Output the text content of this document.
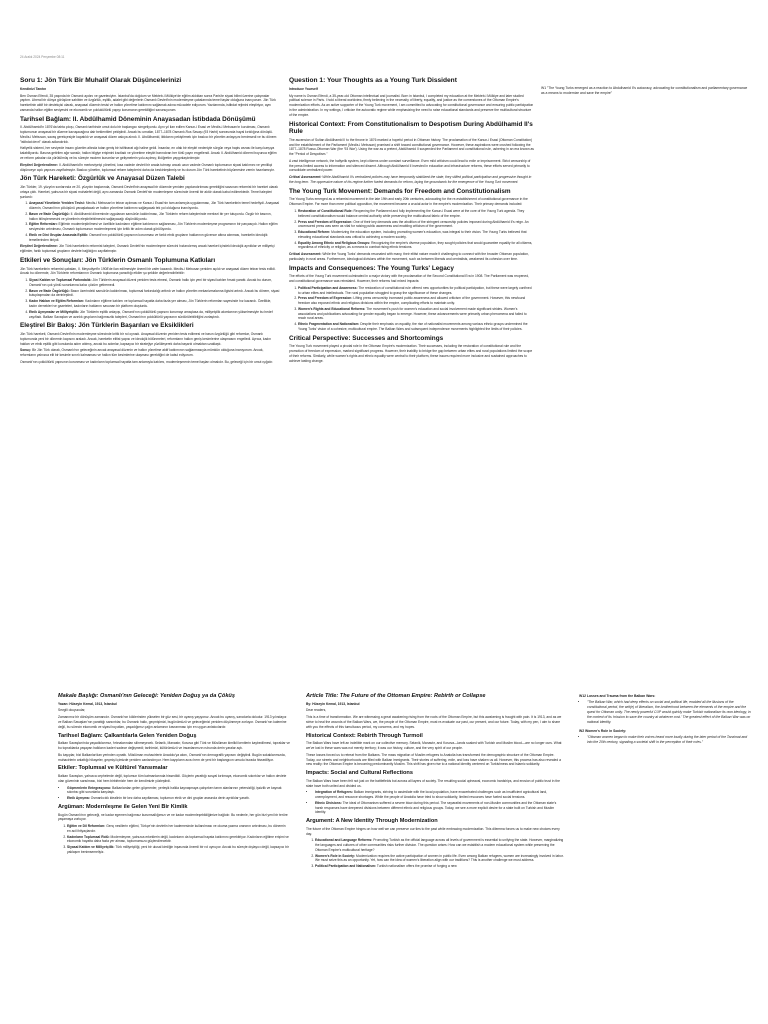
24 Aralık 2024 Perşembe 08:11
Soru 1: Jön Türk Bir Muhalif Olarak Düşüncelerinizi

Kendinizi Tanıtın

Ben Osman Efendi, 35 yaşında bir Osmanlı aydını ve gazeteciyim. İstanbul'da doğdum ve Mekteb-i Mülkiye'de eğitim aldıktan sonra Paris'te siyasi bilimi üzerine çalışmalar yaptım. Liberal bir dünya görüşüne sahibim ve özgürlük, eşitlik, adalet gibi değerlerin Osmanlı Devleti'nin modernleşme çabalarında temel taşlar olduğuna inanıyorum. Jön Türk hareketinin aktif bir destekçisi olarak, anayasal düzenin tesisi ve halkın yönetime katılımını sağlamak adına mücadele ediyorum. Yazılarımda, istibdat rejimini eleştiriyor, aynı zamanda halkın eğitim seviyesini ve ekonomik ve çoklukültürlü yapıyı korumanın gerekliliğini savunuyorum.

Tarihsel Bağlam: II. Abdülhamid Döneminin Anayasadan İstibdada Dönüşümü

II. Abdülhamid'in 1876'da tahta çıkışı, Osmanlı tarihinde umut dolu bir başlangıcı simgeliyordu. Aynı yıl ilan edilen Kanun-i Esasi ve Meclis-i Mebusan'ın kurulması, Osmanlı toplumunun anayasal bir düzene kavuşacağına dair beklentileri pekiştirdi. Ancak bu umutlar, 1877–1878 Osmanlı-Rus Savaşı (93 Harbi) sonrasında hayal kırıklığına dönüştü. Meclis-i Mebusan, savaş gerekçesiyle kapatıldı ve anayasal düzen askıya alındı. II. Abdülhamid, iktidarını pekiştirmek için baskıcı bir yönetim anlayışını benimsedi ve bu dönem "istibdat devri" olarak adlandırıldı.

Hafiyelik sistemi, her seviyede insanı gözetim altında tutan geniş bir istihbarat ağı haline geldi. İnsanlar, en ufak bir eleştiri nedeniyle sürgün veya hapis cezası ile karşı karşıya kalabiliyordu. Basına getirilen ağır sansür, halkın bilgiye erişimini kısıtladı ve yönetime eleştiri barındıran her türlü yayın engellendi. Ancak II. Abdülhamid dönemi boyunca eğitim ve reform çabaları da yürütülmüş ve bu süreçte modern kurumlar ve gelişmelerin yolu açılmış; ilköğretim yaygınlaştırılmıştır.

Eleştirel Değerlendirme: II. Abdülhamid'in merkeziyetçi yönetimi, kısa vadede devleti bir arada tutmayı ancak uzun vadede Osmanlı toplumunun siyasi katılımını ve yenilikçi düşünceye açık yapısını zayıflatmıştır. Baskıcı yönetim, toplumsal reform taleplerini daha da keskinleştirmiş ve bu durum Jön Türk hareketinin büyümesine zemin hazırlamıştır.

Jön Türk Hareketi: Özgürlük ve Anayasal Düzen Talebi

Jön Türkler, 19. yüzyılın sonlarında ve 20. yüzyılın başlarında, Osmanlı Devleti'nin anayasal bir düzende yeniden yapılandırılması gerektiğini savunan reformist bir hareket olarak ortaya çıktı. Hareket, yalnızca bir siyasi muhalefet değil, aynı zamanda Osmanlı Devleti'nin modernleşme sürecinde önemli bir aktör olarak kabul edilmektedir. Temel talepleri şunlardı:

1. Anayasal Yönetimin Yeniden Tesisi: Meclis-i Mebusan'ın tekrar açılması ve Kanun-i Esasi'nin tam anlamıyla uygulanması, Jön Türk hareketinin temel hedefiydi. Anayasal düzenin, Osmanlı'nın çöküşünü yavaşlatacak ve halkın yönetime katılımını sağlayacak tek yol olduğuna inanılıyordu.
2. Basın ve İfade Özgürlüğü: II. Abdülhamid döneminde uygulanan sansürün kaldırılması, Jön Türklerin reform taleplerinde merkezi bir yer tutuyordu. Özgür bir basının, halkın bilinçlenmesini ve yönetimin eleştirilebilmesini sağlayacağı düşünülüyordu.
3. Eğitim Reformları: Eğitimin modernleştirilmesi ve özellikle kadınların eğitime katılımının sağlanması, Jön Türklerin modernleşme programının bir parçasıydı. Halkın eğitim seviyesinin artırılması, Osmanlı toplumunun modernleşmesi için kritik bir adım olarak görülüyordu.
4. Etnik ve Dini Gruplar Arasında Eşitlik: Osmanlı'nın çokkültürlü yapısının korunması ve farklı etnik grupların haklarının güvence altına alınması, hareketin ideolojik temellerinden biriydi.

Eleştirel Değerlendirme: Jön Türk hareketinin reformist talepleri, Osmanlı Devleti'nin modernleşme sürecini hızlandırmış ancak hareket içindeki ideolojik ayrılıklar ve milliyetçi eğilimler, farklı toplumsal grupların devlete bağlılığını zayıflatmıştır.

Etkileri ve Sonuçları: Jön Türklerin Osmanlı Toplumuna Katkıları

Jön Türk hareketinin reformist çabaları, II. Meşrutiyet'in 1908'de ilan edilmesiyle önemli bir zafer kazandı. Meclis-i Mebusan yeniden açıldı ve anayasal düzen tekrar tesis edildi. Ancak bu dönemde, Jön Türklerin reformlarının Osmanlı toplumuna yansıttığı etkiler şu şekilde değerlendirilebilir:

1. Siyasi Katılım ve Toplumsal Farkındalık: Jön Türklerin anayasal düzeni yeniden tesis etmesi, Osmanlı halkı için yeni bir siyasi katılım fırsatı yarattı. Ancak bu durum, Osmanlı'nın çok yönlü sorunlarına kalıcı çözüm getiremedi.
2. Basın ve İfade Özgürlüğü: Basın üzerindeki sansürün kaldırılması, toplumsal farkındalığı arttırdı ve halkın yönetim mekanizmalarına ilgisini artırdı. Ancak bu dönem, siyasi kutuplaşmaları da derinleştirdi.
3. Kadın Hakları ve Eğitim Reformları: Kadınların eğitime katılımı ve toplumsal hayatta daha fazla yer alması, Jön Türklerin reformları sayesinde hız kazandı. Özellikle, kadın dernekleri ve gazeteleri, kadınların haklarını savunan bir platform oluşturdu.
4. Etnik Ayrışmalar ve Milliyetçilik: Jön Türklerin eşitlik anlayışı, Osmanlı'nın çokkültürlü yapısını korumayı amaçlasa da, milliyetçilik akımlarının yükselmesiyle bu hedef zayıfladı. Balkan Savaşları ve azınlık grupların bağımsızlık talepleri, Osmanlı'nın çokkültürlü yapısının sürdürülebilirliğini zorlaştırdı.
Eleştirel Bir Bakış: Jön Türklerin Başarıları ve Eksiklikleri

Jön Türk hareketi, Osmanlı Devleti'nin modernleşme sürecinde kritik bir rol oynadı. Anayasal düzenin yeniden tesis edilmesi ve basın özgürlüğü gibi reformlar, Osmanlı toplumunda yeni bir dönemin kapısını araladı. Ancak, hareketin elitist yapısı ve ideolojik bölünmeleri, reformların halkın geniş kesimlerine ulaşmasını engelledi. Ayrıca, kadın hakları ve etnik eşitlik gibi konularda adım atılmış, ancak bu adımlar, kapsayıcı bir stratejiye yüzlüleşerek daha başarılı olmaktan uzaklaştı.

Sonuç: Bir Jön Türk olarak, Osmanlı'nın geleceğinin ancak anayasal düzenin ve halkın yönetime aktif katılımının sağlanmasıyla mümkün olduğuna inanıyorum. Ancak, reformların yalnızca elit bir kesimle sınırlı kalmaması ve halkın tüm kesimlerine ulaşması gerektiğini de kabul ediyorum.

Osmanlı'nın çokkültürlü yapısının korunması ve kadınların toplumsal hayatta tam anlamıyla katılımı, modernleşmenin temel taşları olmalıdır. Bu, geleceği için bir umut ışığıdır.

Question 1: Your Thoughts as a Young Turk Dissident

Introduce Yourself

My name is Osman Efendi, a 35-year-old Ottoman intellectual and journalist. Born in Istanbul, I completed my education at the Mekteb-i Mülkiye and later studied political science in Paris. I hold a liberal worldview, firmly believing in the necessity of liberty, equality, and justice as the cornerstones of the Ottoman Empire's modernization efforts. As an active supporter of the Young Turk movement, I am committed to advocating for constitutional governance and ensuring public participation in the administration. In my writings, I criticize the autocratic regime while emphasizing the need to raise educational standards and preserve the multicultural structure of the empire.

Historical Context: From Constitutionalism to Despotism During Abdülhamid II's Rule

The ascension of Sultan Abdülhamid II to the throne in 1876 marked a hopeful period in Ottoman history. The proclamation of the Kanun-i Esasi (Ottoman Constitution) and the establishment of the Parliament (Meclis-i Mebusan) promised a shift toward constitutional governance. However, these aspirations were crushed following the 1877–1878 Russo-Ottoman War (the '93 War'). Using the war as a pretext, Abdülhamid II suspended the Parliament and constitutional rule, ushering in an era known as the "Period of Despotism."

A vast intelligence network, the hafiyelik system, kept citizens under constant surveillance. Even mild criticism could lead to exile or imprisonment. Strict censorship of the press limited access to information and silenced dissent. Although Abdülhamid II invested in education and infrastructure reforms, these efforts served primarily to consolidate centralized power.

Critical Assessment: While Abdülhamid II's centralized policies may have temporarily stabilized the state, they stifled political participation and progressive thought in the long term. The oppressive nature of his regime further fueled demands for reform, laying the groundwork for the emergence of the Young Turk movement.

The Young Turk Movement: Demands for Freedom and Constitutionalism

The Young Turks emerged as a reformist movement in the late 19th and early 20th centuries, advocating for the re-establishment of constitutional governance in the Ottoman Empire. Far more than mere political opposition, the movement became a crucial actor in the empire's modernization. Their primary demands included:

1. Restoration of Constitutional Rule: Reopening the Parliament and fully implementing the Kanun-i Esasi were at the core of the Young Turk agenda. They believed constitutionalism would balance central authority while preserving the multicultural fabric of the empire.
2. Press and Freedom of Expression: One of their key demands was the abolition of the stringent censorship policies imposed during Abdülhamid II's reign. An uncensored press was seen as vital for raising public awareness and enabling criticism of the government.
3. Educational Reform: Modernizing the education system, including promoting women's education, was integral to their vision. The Young Turks believed that elevating educational standards was critical to achieving a modern society.
4. Equality Among Ethnic and Religious Groups: Recognizing the empire's diverse population, they sought policies that would guarantee equality for all citizens, regardless of ethnicity or religion, as a means to combat rising ethnic tensions.

Critical Assessment: While the Young Turks' demands resonated with many, their elitist nature made it challenging to connect with the broader Ottoman population, particularly in rural areas. Furthermore, ideological divisions within the movement, such as between liberals and centralists, weakened its cohesion over time.

Impacts and Consequences: The Young Turks' Legacy

The efforts of the Young Turk movement culminated in a major victory with the proclamation of the Second Constitutional Era in 1908. The Parliament was reopened, and constitutional governance was reinstated. However, their reforms had mixed impacts:

1. Political Participation and Awareness: The restoration of constitutional rule offered new opportunities for political participation, but these were largely confined to urban elites and intellectuals. The rural population struggled to grasp the significance of these changes.
2. Press and Freedom of Expression: Lifting press censorship increased public awareness and allowed criticism of the government. However, this newfound freedom also exposed ethnic and religious divisions within the empire, complicating efforts to maintain unity.
3. Women's Rights and Educational Reforms: The movement's push for women's education and social involvement made significant strides. Women's associations and publications advocating for gender equality began to emerge. However, these advancements were primarily urban phenomena and failed to reach rural areas.
4. Ethnic Fragmentation and Nationalism: Despite their emphasis on equality, the rise of nationalist movements among various ethnic groups undermined the Young Turks' vision of a cohesive, multicultural empire. The Balkan Wars and subsequent independence movements highlighted the limits of their policies.
Critical Perspective: Successes and Shortcomings

The Young Turk movement played a pivotal role in the Ottoman Empire's modernization. Their successes, including the restoration of constitutional rule and the promotion of freedom of expression, marked significant progress. However, their inability to bridge the gap between urban elites and rural populations limited the scope of their reforms. Similarly, while women's rights and ethnic equality were central to their platform, these issues required more inclusive and sustained approaches to achieve lasting change.

W1 "The Young Turks emerged as a reaction to Abdulhamid II's autocracy, advocating for constitutionalism and parliamentary governance as a means to modernize and save the empire"
Makale Başlığı: Osmanlı'nın Geleceği: Yeniden Doğuş ya da Çöküş

Yazan: Hüseyin Kemal, 1913, İstanbul

Sevgili okuyucular,

Zamanımız bir dönüşüm zamanıdır. Osmanlı'nın köklerinden yükselen bir güz sesi, bir uyanış yaşıyoruz. Ancak bu uyanış, sancılarla doludur. 1913 yılındayız ve Balkan Savaşları'nın yarattığı sarsıntılar, bu Osmanlı halkı, geçmişimizi, bugünümüzü ve geleceğimizi yeniden düşünmeye zorluyor. Osmanlı'nın kalemine değil, bu sürecin ekonomik ve siyasi boyutları, yaşadığımız çağın anlamının kavranması için en uygun anlatıcılardır.

Tarihsel Bağlam: Çalkantılarla Gelen Yeniden Doğuş

Balkan Savaşları'nda yaşadıklarımız, fırtınalarından silinmeyecek. Selanik, Manastır, Kosova gibi Türk ve Müslüman kimlikli kentlerin kaybedilmesi, topraklar ve bu topraklarda yaşayan halkların kaderi sadece değişmedi; tarihimizi, kültürümüzü ve insanlarımızın ruhunda derin yaralar açtı.

Bu kayıplar, bizi Balkanlar'dan yerinden oynattı. Müslüman muhacirlerin Anadolu'ya akını, Osmanlı'nın demografik yapısını değiştirdi. Bugün sokaklarımızda, muhacirlerin anlattığı hikayeler, geçmişi içimizde yeniden canlandırıyor. Hem kayıpların acısı hem de yeni bir başlangıcın umudu burada hissediliyor.

Etkiler: Toplumsal ve Kültürel Yansımalar

Balkan Savaşları, yalnızca cephelerde değil, toplumun tüm katmanlarında hissedildi. Göçlerin yarattığı sosyal kırılmaya, ekonomik sıkıntılar ve halkın devlete olan güveninin sarsılması, bizi hem birbirimizle hem de kendimizle yüzleştirdi.

• Göçmenlerin Entegrasyonu: Balkanlardan gelen göçmenler, yerleşik halkla kaynaşmaya çalışırken tarım alanlarının yetersizliği, işsizlik ve kaynak sıkıntısı gibi sorunlarla karşılaştı.
• Etnik Ayrışma: Osmanlıcılık idealinin bir kez daha zayıflaması, toplumun etnik ve dini gruplar arasında derin ayrılıklar yarattı.
Argüman: Modernleşme ile Gelen Yeni Bir Kimlik

Bugün Osmanlı'nın geleceği, ne kadar egemen bağımsız kurumsallığımızı ve ne kadar modernleşebildiğimize bağlıdır. Bu nedenle, her gün bizi yeni bir teröre yaşamaya zorluyor.

1. Eğitim ve Dil Reformları: Genç nesillerin eğitimi, Türkçe'nin devletin her kademesinde kullanılması ve okuma yazma oranının artırılması, bu dönemin en acil ihtiyaçlarıdır.
2. Kadınların Toplumsal Rolü: Modernleşme, yalnızca erkeklerin değil, kadınların da toplumsal hayata katılımını gerektiriyor. Kadınların eğitime erişimi ve ekonomik hayatta daha fazla yer alması, toplumumuzu güçlendirecektir.
3. Siyasal Katılım ve Milliyetçilik: Türk milliyetçiliği, yeni bir ulusal kimliğin inşasında önemli bir rol oynuyor. Ancak bu süreçte dışlayıcı değil, kapsayıcı bir yaklaşım benimsemeliyiz.
Article Title: The Future of the Ottoman Empire: Rebirth or Collapse

By: Hüseyin Kemal, 1913, Istanbul

Dear readers,

This is a time of transformation. We are witnessing a great awakening rising from the roots of the Ottoman Empire, but this awakening is fraught with pain. It is 1913, and as we strive to heal the wounds of the Balkan Wars, we, the people of the Ottoman Empire, must re-evaluate our past, our present, and our future. Today, with my pen, I aim to share with you the effects of this tumultuous period, my concerns, and my hopes.

Historical Context: Rebirth Through Turmoil

The Balkan Wars have left an indelible mark on our collective memory. Selanik, Manastır, and Kosova—lands soaked with Turkish and Muslim blood—are no longer ours. What we've lost in these wars was not merely territory; it was our history, culture, and the very spirit of our people.

These losses forced us to retreat from the Balkans. The mass migration of Muslim refugees to Anatolia has transformed the demographic structure of the Ottoman Empire. Today, our streets and neighborhoods are filled with Balkan immigrants. Their stories of suffering, exile, and loss have shaken us all. However, this process has also revealed a new reality: the Ottoman Empire is becoming predominantly Muslim. This shift has given rise to a national identity centered on Turkishness and Islamic solidarity.

Impacts: Social and Cultural Reflections

The Balkan Wars have been felt not just on the battlefields but across all layers of society. The resulting social upheaval, economic hardships, and erosion of public trust in the state have both united and divided us.

• Integration of Refugees: Balkan immigrants, striving to assimilate with the local population, have exacerbated challenges such as insufficient agricultural land, unemployment, and resource shortages. While the people of Anatolia have tried to show solidarity, limited resources have fueled social tensions.
• Ethnic Divisions: The ideal of Ottomanism suffered a severe blow during this period. The separatist movements of non-Muslim communities and the Ottoman state's harsh responses have deepened divisions between different ethnic and religious groups. Today, we see a more explicit desire for a state built on Turkish and Muslim identity.
Argument: A New Identity Through Modernization

The future of the Ottoman Empire hinges on how well we can preserve our ties to the past while embracing modernization. This dilemma forces us to make new choices every day.

1. Educational and Language Reforms: Promoting Turkish as the official language across all levels of government is essential to unifying the state. However, marginalizing the languages and cultures of other communities risks further division. The question arises: How can we establish a modern educational system while preserving the Ottoman Empire's multicultural heritage?
2. Women's Role in Society: Modernization requires the active participation of women in public life. Even among Balkan refugees, women are increasingly involved in labor. We must seize this as an opportunity. Yet, how can the idea of women's liberation align with our traditions? This is another challenge we must address.
3. Political Participation and Nationalism: Turkish nationalism offers the promise of forging a new

W12 Losses and Trauma from the Balkan Wars:

• "The Balkan War, which had deep effects on social and political life, enabled all the illusions of the constitutional period, the writ(e) of liberalism, the brotherhood between the elements of the empire and the quest for Ottoman unity. The newly powerful CUP would quickly make Turkish nationalism its own ideology, in the context of its 'mission to save the country at whatever cost.' The greatest effect of the Balkan War was on national identity.

W2 Women's Role in Society:

• "Ottoman women began to make their voices heard more loudly during the later period of the Tanzimat and into the 20th century, signaling a societal shift in the perception of their roles."
